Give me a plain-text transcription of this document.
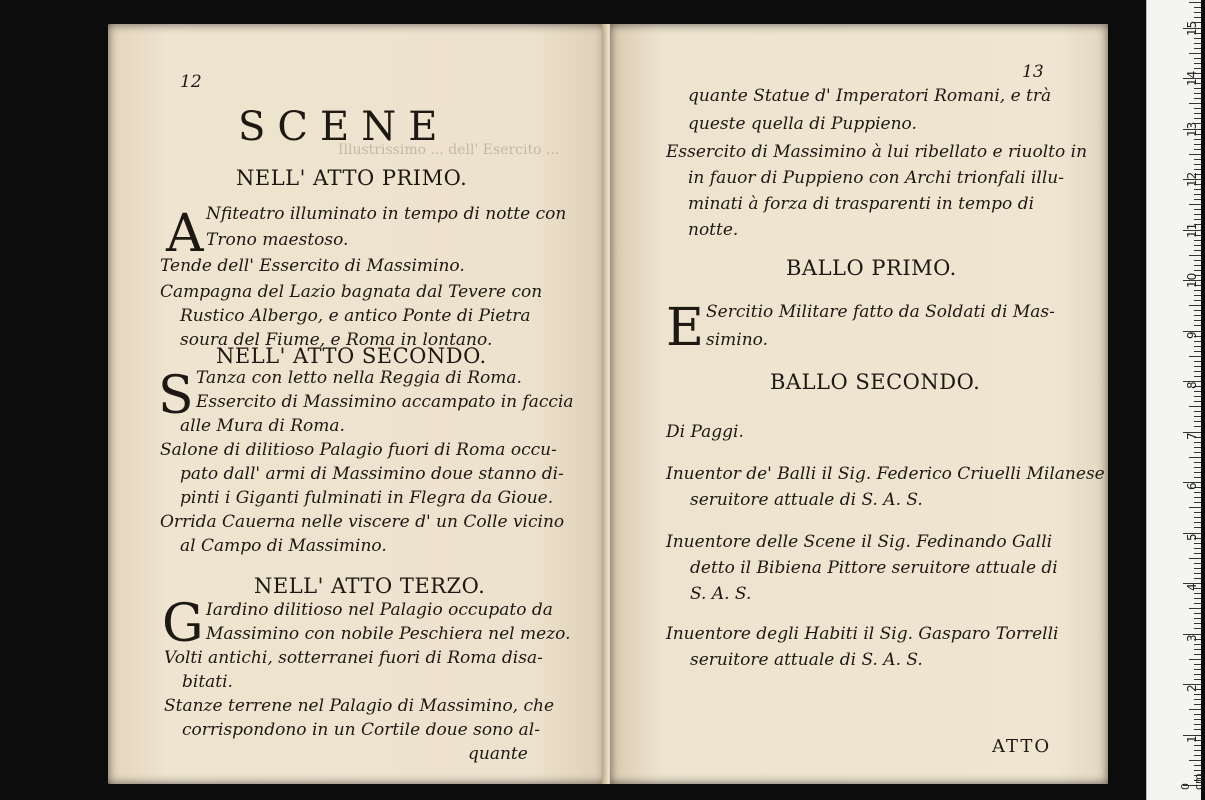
12
SCENE
Illustrissimo ... dell' Esercito ...
NELL' ATTO PRIMO.
A Nfiteatro illuminato in tempo di notte con
Trono maestoso.
Tende dell' Essercito di Massimino.
Campagna del Lazio bagnata dal Tevere con
Rustico Albergo, e antico Ponte di Pietra
soura del Fiume, e Roma in lontano.
NELL' ATTO SECONDO.
S Tanza con letto nella Reggia di Roma.
Essercito di Massimino accampato in faccia
alle Mura di Roma.
Salone di dilitioso Palagio fuori di Roma occu-
pato dall' armi di Massimino doue stanno di-
pinti i Giganti fulminati in Flegra da Gioue.
Orrida Cauerna nelle viscere d' un Colle vicino
al Campo di Massimino.
NELL' ATTO TERZO.
G Iardino dilitioso nel Palagio occupato da
Massimino con nobile Peschiera nel mezo.
Volti antichi, sotterranei fuori di Roma disa-
bitati.
Stanze terrene nel Palagio di Massimino, che
corrispondono in un Cortile doue sono al-
quante
13
quante Statue d' Imperatori Romani, e trà
queste quella di Puppieno.
Essercito di Massimino à lui ribellato e riuolto in
in fauor di Puppieno con Archi trionfali illu-
minati à forza di trasparenti in tempo di
notte.
BALLO PRIMO.
E Sercitio Militare fatto da Soldati di Mas-
simino.
BALLO SECONDO.
Di Paggi.
Inuentor de' Balli il Sig. Federico Criuelli Milanese
seruitore attuale di S. A. S.
Inuentore delle Scene il Sig. Fedinando Galli
detto il Bibiena Pittore seruitore attuale di
S. A. S.
Inuentore degli Habiti il Sig. Gasparo Torrelli
seruitore attuale di S. A. S.
ATTO
15
14
13
12
11
10
9
8
7
6
5
4
3
2
1
0 cm
